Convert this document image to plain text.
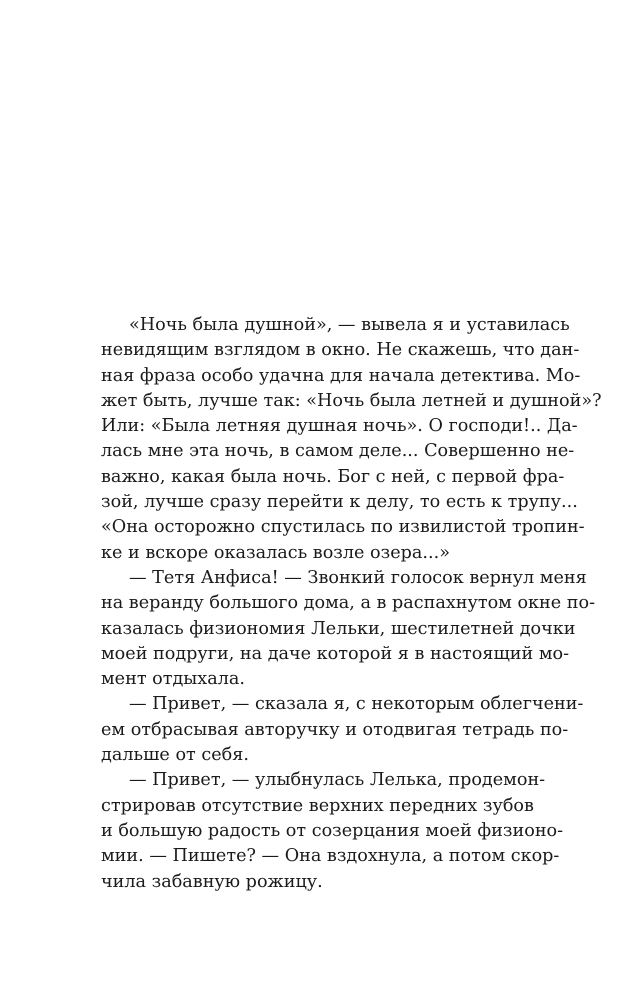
«Ночь была душной», — вывела я и уставилась
невидящим взглядом в окно. Не скажешь, что дан-
ная фраза особо удачна для начала детектива. Мо-
жет быть, лучше так: «Ночь была летней и душной»?
Или: «Была летняя душная ночь». О господи!.. Да-
лась мне эта ночь, в самом деле... Совершенно не-
важно, какая была ночь. Бог с ней, с первой фра-
зой, лучше сразу перейти к делу, то есть к трупу...
«Она осторожно спустилась по извилистой тропин-
ке и вскоре оказалась возле озера...»
— Тетя Анфиса! — Звонкий голосок вернул меня
на веранду большого дома, а в распахнутом окне по-
казалась физиономия Лельки, шестилетней дочки
моей подруги, на даче которой я в настоящий мо-
мент отдыхала.
— Привет, — сказала я, с некоторым облегчени-
ем отбрасывая авторучку и отодвигая тетрадь по-
дальше от себя.
— Привет, — улыбнулась Лелька, продемон-
стрировав отсутствие верхних передних зубов
и большую радость от созерцания моей физионо-
мии. — Пишете? — Она вздохнула, а потом скор-
чила забавную рожицу.
